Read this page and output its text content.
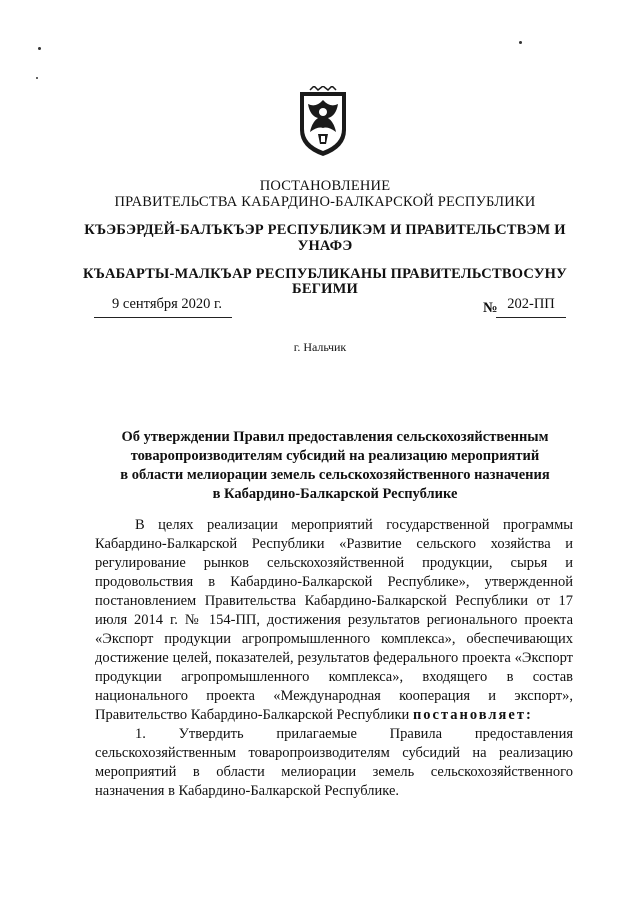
ПОСТАНОВЛЕНИЕ
ПРАВИТЕЛЬСТВА КАБАРДИНО-БАЛКАРСКОЙ РЕСПУБЛИКИ
КЪЭБЭРДЕЙ-БАЛЪКЪЭР РЕСПУБЛИКЭМ И ПРАВИТЕЛЬСТВЭМ И
УНАФЭ
КЪАБАРТЫ-МАЛКЪАР РЕСПУБЛИКАНЫ ПРАВИТЕЛЬСТВОСУНУ
БЕГИМИ
9 сентября 2020 г.	№ 202-ПП
г. Нальчик
Об утверждении Правил предоставления сельскохозяйственным
товаропроизводителям субсидий на реализацию мероприятий
в области мелиорации земель сельскохозяйственного назначения
в Кабардино-Балкарской Республике

В целях реализации мероприятий государственной программы Кабардино-Балкарской Республики «Развитие сельского хозяйства и регулирование рынков сельскохозяйственной продукции, сырья и продовольствия в Кабардино-Балкарской Республике», утвержденной постановлением Правительства Кабардино-Балкарской Республики от 17 июля 2014 г. № 154-ПП, достижения результатов регионального проекта «Экспорт продукции агропромышленного комплекса», обеспечивающих достижение целей, показателей, результатов федерального проекта «Экспорт продукции агропромышленного комплекса», входящего в состав национального проекта «Международная кооперация и экспорт», Правительство Кабардино-Балкарской Республики постановляет:

1. Утвердить прилагаемые Правила предоставления сельскохозяйственным товаропроизводителям субсидий на реализацию мероприятий в области мелиорации земель сельскохозяйственного назначения в Кабардино-Балкарской Республике.
